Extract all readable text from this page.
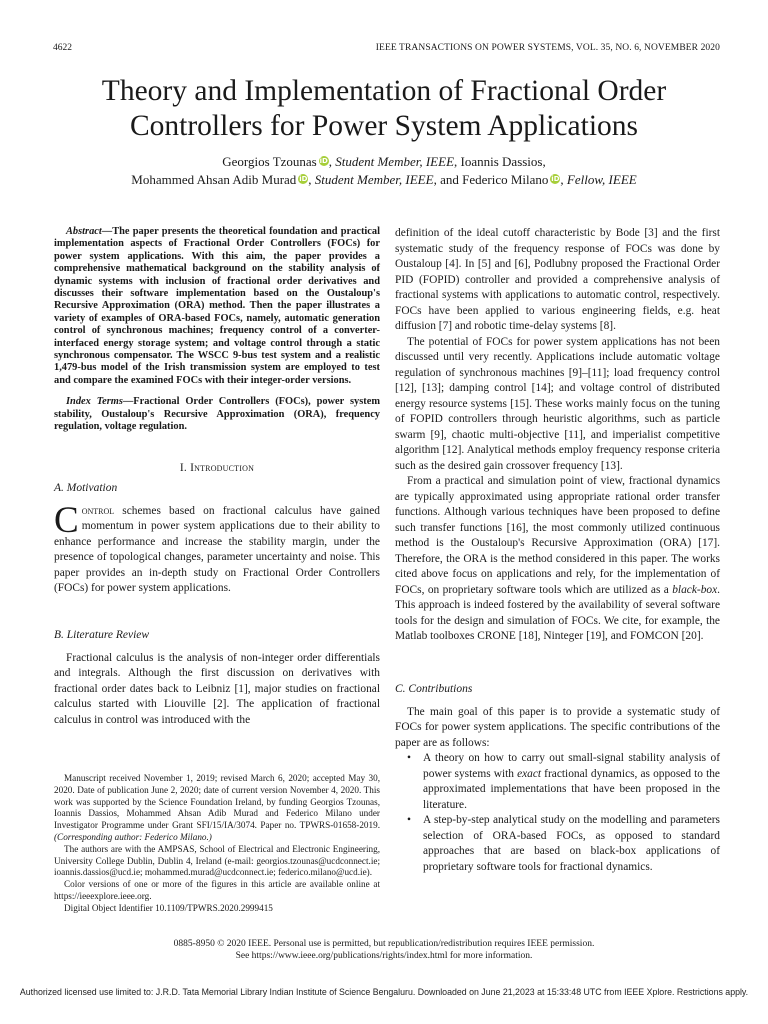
4622	IEEE TRANSACTIONS ON POWER SYSTEMS, VOL. 35, NO. 6, NOVEMBER 2020
Theory and Implementation of Fractional Order
Controllers for Power System Applications
Georgios Tzounas iD, Student Member, IEEE, Ioannis Dassios,
Mohammed Ahsan Adib Murad iD, Student Member, IEEE, and Federico Milano iD, Fellow, IEEE

Abstract—The paper presents the theoretical foundation and practical implementation aspects of Fractional Order Controllers (FOCs) for power system applications. With this aim, the paper provides a comprehensive mathematical background on the stability analysis of dynamic systems with inclusion of fractional order derivatives and discusses their software implementation based on the Oustaloup's Recursive Approximation (ORA) method. Then the paper illustrates a variety of examples of ORA-based FOCs, namely, automatic generation control of synchronous machines; frequency control of a converter-interfaced energy storage system; and voltage control through a static synchronous compensator. The WSCC 9-bus test system and a realistic 1,479-bus model of the Irish transmission system are employed to test and compare the examined FOCs with their integer-order versions.

Index Terms—Fractional Order Controllers (FOCs), power system stability, Oustaloup's Recursive Approximation (ORA), frequency regulation, voltage regulation.

I. Introduction
A. Motivation

Control schemes based on fractional calculus have gained momentum in power system applications due to their ability to enhance performance and increase the stability margin, under the presence of topological changes, parameter uncertainty and noise. This paper provides an in-depth study on Fractional Order Controllers (FOCs) for power system applications.

B. Literature Review

Fractional calculus is the analysis of non-integer order differentials and integrals. Although the first discussion on derivatives with fractional order dates back to Leibniz [1], major studies on fractional calculus started with Liouville [2]. The application of fractional calculus in control was introduced with the

Manuscript received November 1, 2019; revised March 6, 2020; accepted May 30, 2020. Date of publication June 2, 2020; date of current version November 4, 2020. This work was supported by the Science Foundation Ireland, by funding Georgios Tzounas, Ioannis Dassios, Mohammed Ahsan Adib Murad and Federico Milano under Investigator Programme under Grant SFI/15/IA/3074. Paper no. TPWRS-01658-2019. (Corresponding author: Federico Milano.)

The authors are with the AMPSAS, School of Electrical and Electronic Engineering, University College Dublin, Dublin 4, Ireland (e-mail: georgios.tzounas@ucdconnect.ie; ioannis.dassios@ucd.ie; mohammed.murad@ucdconnect.ie; federico.milano@ucd.ie).

Color versions of one or more of the figures in this article are available online at https://ieeexplore.ieee.org.

Digital Object Identifier 10.1109/TPWRS.2020.2999415

definition of the ideal cutoff characteristic by Bode [3] and the first systematic study of the frequency response of FOCs was done by Oustaloup [4]. In [5] and [6], Podlubny proposed the Fractional Order PID (FOPID) controller and provided a comprehensive analysis of fractional systems with applications to automatic control, respectively. FOCs have been applied to various engineering fields, e.g. heat diffusion [7] and robotic time-delay systems [8].

The potential of FOCs for power system applications has not been discussed until very recently. Applications include automatic voltage regulation of synchronous machines [9]–[11]; load frequency control [12], [13]; damping control [14]; and voltage control of distributed energy resource systems [15]. These works mainly focus on the tuning of FOPID controllers through heuristic algorithms, such as particle swarm [9], chaotic multi-objective [11], and imperialist competitive algorithm [12]. Analytical methods employ frequency response criteria such as the desired gain crossover frequency [13].

From a practical and simulation point of view, fractional dynamics are typically approximated using appropriate rational order transfer functions. Although various techniques have been proposed to define such transfer functions [16], the most commonly utilized continuous method is the Oustaloup's Recursive Approximation (ORA) [17]. Therefore, the ORA is the method considered in this paper. The works cited above focus on applications and rely, for the implementation of FOCs, on proprietary software tools which are utilized as a black-box. This approach is indeed fostered by the availability of several software tools for the design and simulation of FOCs. We cite, for example, the Matlab toolboxes CRONE [18], Ninteger [19], and FOMCON [20].

C. Contributions

The main goal of this paper is to provide a systematic study of FOCs for power system applications. The specific contributions of the paper are as follows:

• A theory on how to carry out small-signal stability analysis of power systems with exact fractional dynamics, as opposed to the approximated implementations that have been proposed in the literature.
• A step-by-step analytical study on the modelling and parameters selection of ORA-based FOCs, as opposed to standard approaches that are based on black-box applications of proprietary software tools for fractional dynamics.
0885-8950 © 2020 IEEE. Personal use is permitted, but republication/redistribution requires IEEE permission.
See https://www.ieee.org/publications/rights/index.html for more information.
Authorized licensed use limited to: J.R.D. Tata Memorial Library Indian Institute of Science Bengaluru. Downloaded on June 21,2023 at 15:33:48 UTC from IEEE Xplore. Restrictions apply.
